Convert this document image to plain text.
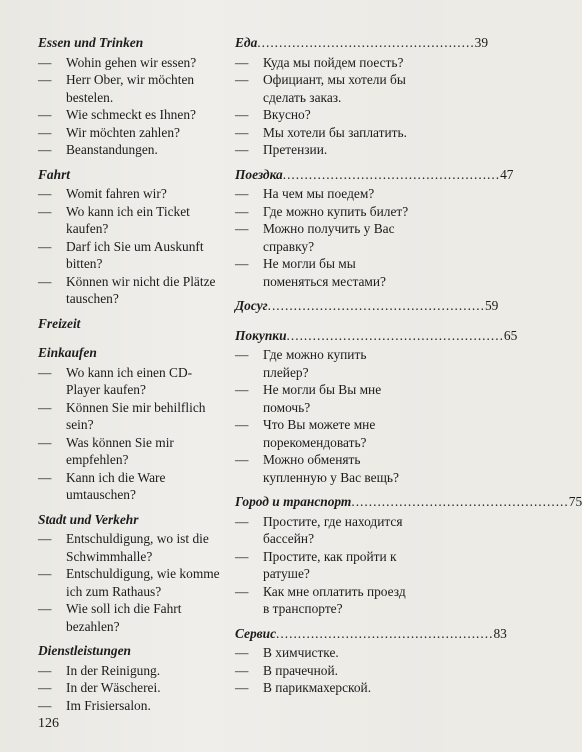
Essen und Trinken
—	Wohin gehen wir essen?
—	Herr Ober, wir möchten bestelen.
—	Wie schmeckt es Ihnen?
—	Wir möchten zahlen?
—	Beanstandungen.
Fahrt
—	Womit fahren wir?
—	Wo kann ich ein Ticket kaufen?
—	Darf ich Sie um Auskunft bitten?
—	Können wir nicht die Plätze tauschen?
Freizeit
Einkaufen
—	Wo kann ich einen CD-Player kaufen?
—	Können Sie mir behilflich sein?
—	Was können Sie mir empfehlen?
—	Kann ich die Ware umtauschen?
Stadt und Verkehr
—	Entschuldigung, wo ist die Schwimmhalle?
—	Entschuldigung, wie komme ich zum Rathaus?
—	Wie soll ich die Fahrt bezahlen?
Dienstleistungen
—	In der Reinigung.
—	In der Wäscherei.
—	Im Frisiersalon.
Еда .................................................. 39
—	Куда мы пойдем поесть?
—	Официант, мы хотели бы сделать заказ.
—	Вкусно?
—	Мы хотели бы заплатить.
—	Претензии.
Поездка .................................................. 47
—	На чем мы поедем?
—	Где можно купить билет?
—	Можно получить у Вас справку?
—	Не могли бы мы поменяться местами?
Досуг .................................................. 59
Покупки .................................................. 65
—	Где можно купить плейер?
—	Не могли бы Вы мне помочь?
—	Что Вы можете мне порекомендовать?
—	Можно обменять купленную у Вас вещь?
Город и транспорт .................................................. 75
—	Простите, где находится бассейн?
—	Простите, как пройти к ратуше?
—	Как мне оплатить проезд в транспорте?
Сервис .................................................. 83
—	В химчистке.
—	В прачечной.
—	В парикмахерской.
126
